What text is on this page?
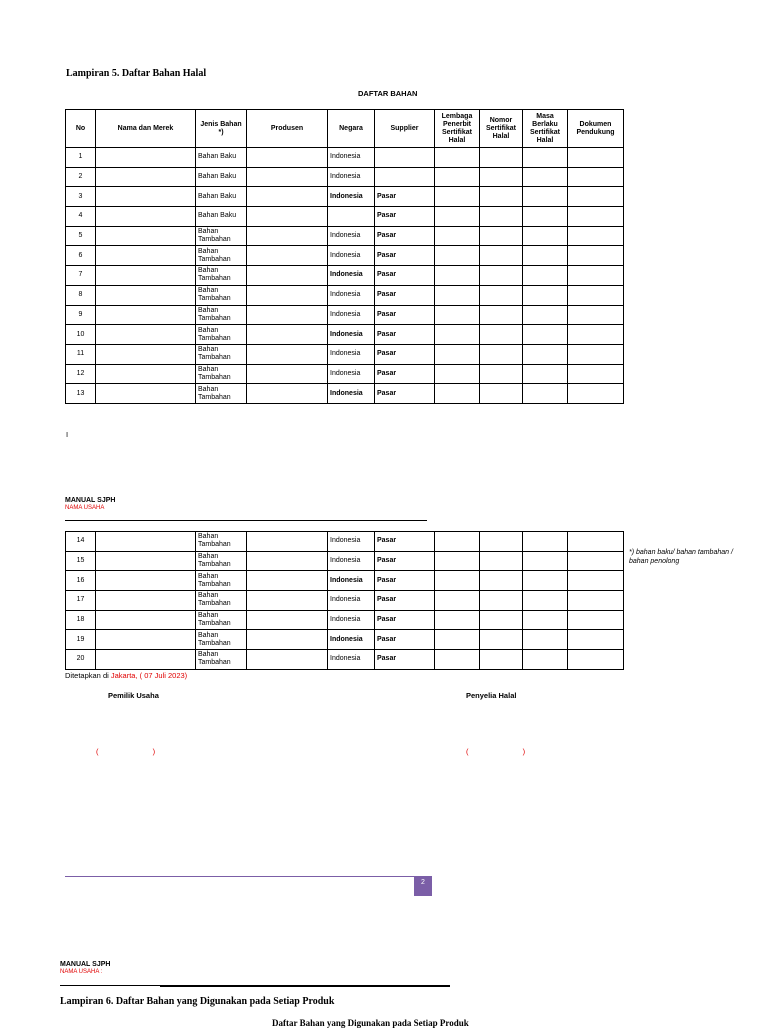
Lampiran 5. Daftar Bahan Halal
DAFTAR BAHAN
No	Nama dan Merek	Jenis Bahan *)	Produsen	Negara	Supplier	Lembaga Penerbit Sertifikat Halal	Nomor Sertifikat Halal	Masa Berlaku Sertifikat Halal	Dokumen Pendukung
1		Bahan Baku		Indonesia					
2		Bahan Baku		Indonesia					
3		Bahan Baku		Indonesia	Pasar				
4		Bahan Baku			Pasar				
5		Bahan Tambahan		Indonesia	Pasar				
6		Bahan Tambahan		Indonesia	Pasar				
7		Bahan Tambahan		Indonesia	Pasar				
8		Bahan Tambahan		Indonesia	Pasar				
9		Bahan Tambahan		Indonesia	Pasar				
10		Bahan Tambahan		Indonesia	Pasar				
11		Bahan Tambahan		Indonesia	Pasar				
12		Bahan Tambahan		Indonesia	Pasar				
13		Bahan Tambahan		Indonesia	Pasar				
I
MANUAL SJPH
NAMA USAHA
14		Bahan Tambahan		Indonesia	Pasar				
15		Bahan Tambahan		Indonesia	Pasar				
16		Bahan Tambahan		Indonesia	Pasar				
17		Bahan Tambahan		Indonesia	Pasar				
18		Bahan Tambahan		Indonesia	Pasar				
19		Bahan Tambahan		Indonesia	Pasar				
20		Bahan Tambahan		Indonesia	Pasar				
*) bahan baku/ bahan tambahan / bahan penolong
Ditetapkan di Jakarta, ( 07 Juli 2023)
Pemilik Usaha	Penyelia Halal
(                          )	(                          )
2
MANUAL SJPH
NAMA USAHA :
Lampiran 6. Daftar Bahan yang Digunakan pada Setiap Produk
Daftar Bahan yang Digunakan pada Setiap Produk
